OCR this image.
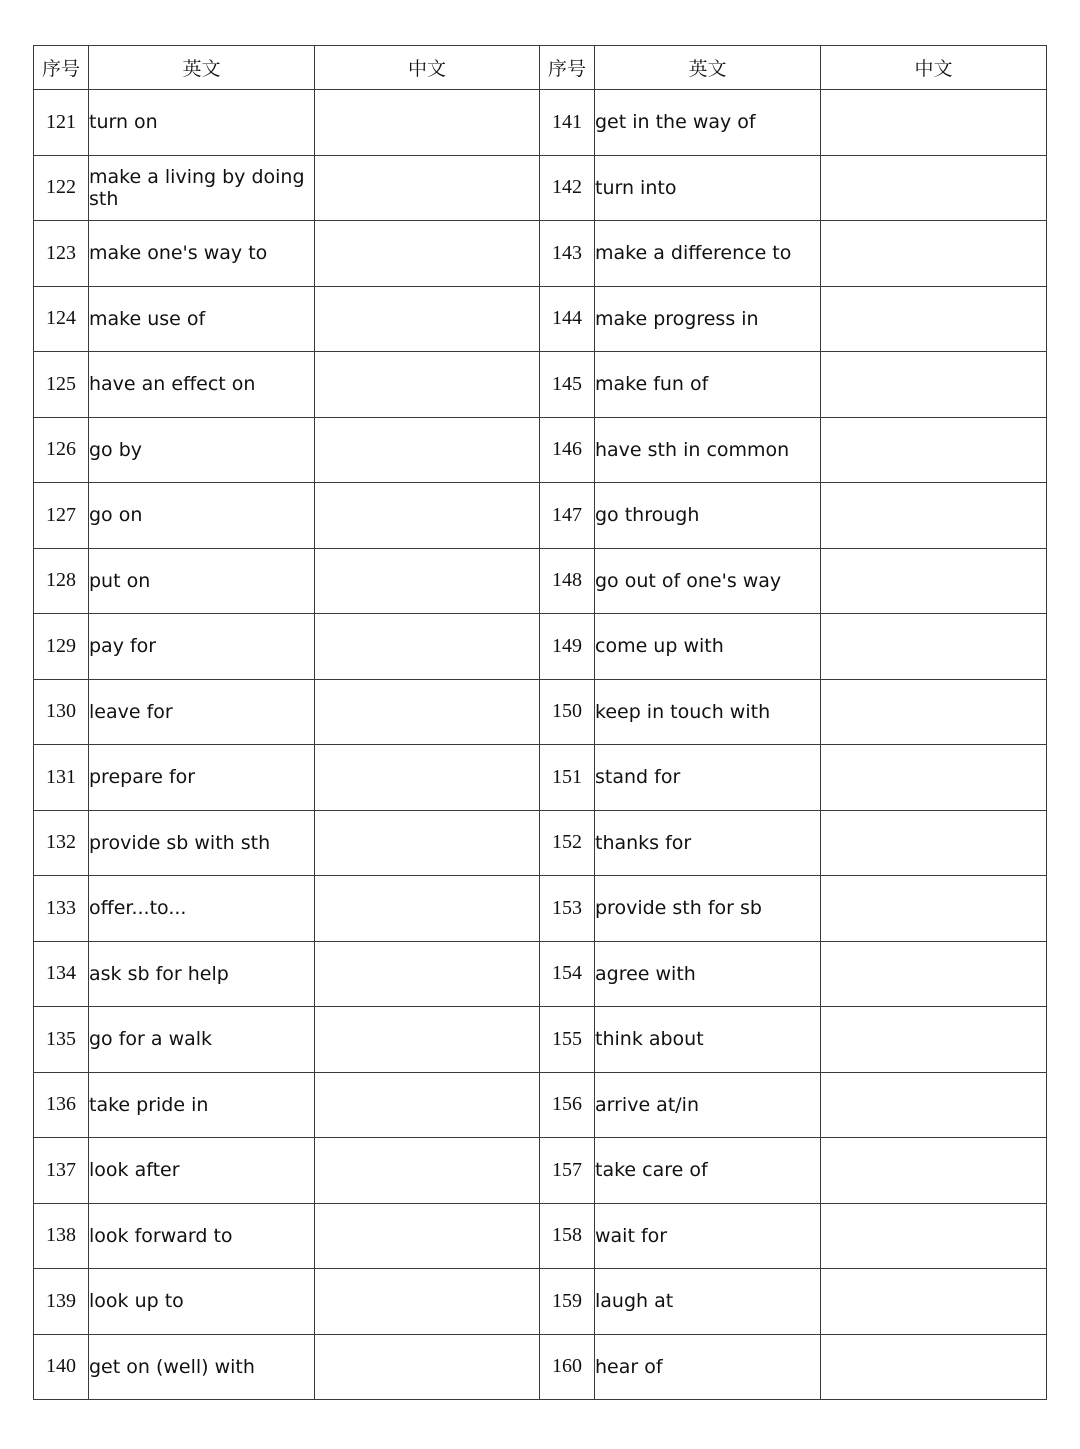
序号	英文	中文	序号	英文	中文
121	turn on		141	get in the way of	
122	make a living by doing sth		142	turn into	
123	make one's way to		143	make a difference to	
124	make use of		144	make progress in	
125	have an effect on		145	make fun of	
126	go by		146	have sth in common	
127	go on		147	go through	
128	put on		148	go out of one's way	
129	pay for		149	come up with	
130	leave for		150	keep in touch with	
131	prepare for		151	stand for	
132	provide sb with sth		152	thanks for	
133	offer...to...		153	provide sth for sb	
134	ask sb for help		154	agree with	
135	go for a walk		155	think about	
136	take pride in		156	arrive at/in	
137	look after		157	take care of	
138	look forward to		158	wait for	
139	look up to		159	laugh at	
140	get on (well) with		160	hear of	
